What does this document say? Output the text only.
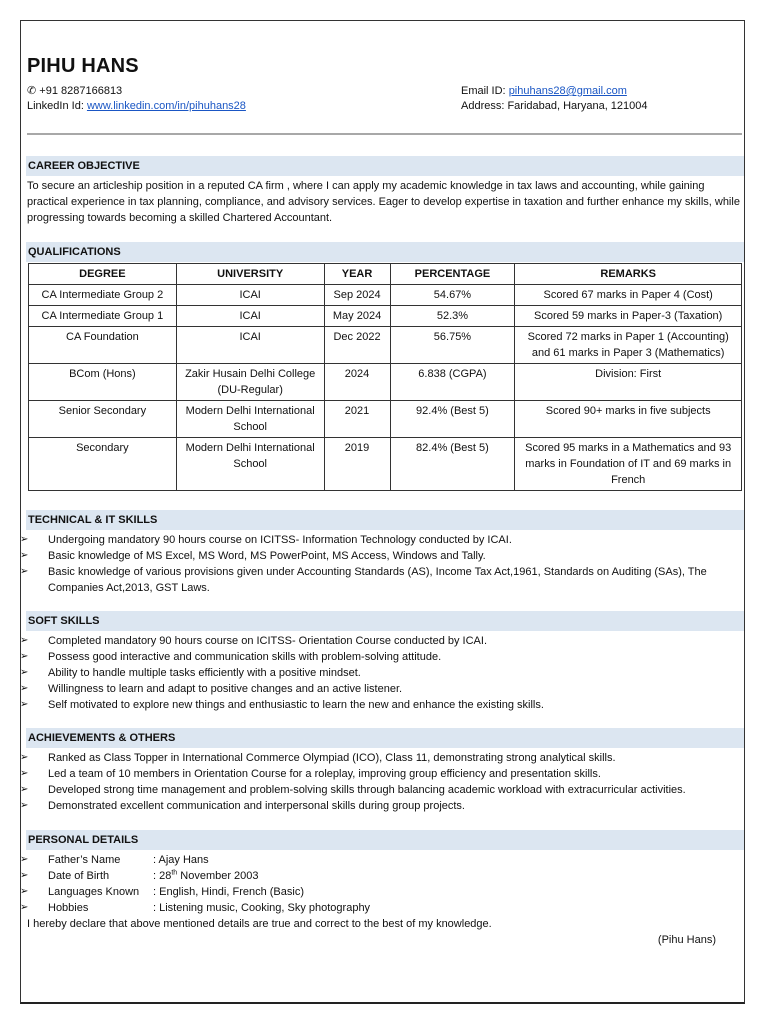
PIHU HANS
✆ +91 8287166813
LinkedIn Id: www.linkedin.com/in/pihuhans28
Email ID: pihuhans28@gmail.com
Address: Faridabad, Haryana, 121004
CAREER OBJECTIVE
To secure an articleship position in a reputed CA firm , where I can apply my academic knowledge in tax laws and accounting, while gaining practical experience in tax planning, compliance, and advisory services. Eager to develop expertise in taxation and further enhance my skills, while progressing towards becoming a skilled Chartered Accountant.
QUALIFICATIONS
DEGREE	UNIVERSITY	YEAR	PERCENTAGE	REMARKS
CA Intermediate Group 2	ICAI	Sep 2024	54.67%	Scored 67 marks in Paper 4 (Cost)
CA Intermediate Group 1	ICAI	May 2024	52.3%	Scored 59 marks in Paper-3 (Taxation)
CA Foundation	ICAI	Dec 2022	56.75%	Scored 72 marks in Paper 1 (Accounting) and 61 marks in Paper 3 (Mathematics)
BCom (Hons)	Zakir Husain Delhi College (DU-Regular)	2024	6.838 (CGPA)	Division: First
Senior Secondary	Modern Delhi International School	2021	92.4% (Best 5)	Scored 90+ marks in five subjects
Secondary	Modern Delhi International School	2019	82.4% (Best 5)	Scored 95 marks in a Mathematics and 93 marks in Foundation of IT and 69 marks in French
TECHNICAL & IT SKILLS
➢ Undergoing mandatory 90 hours course on ICITSS- Information Technology conducted by ICAI.
➢ Basic knowledge of MS Excel, MS Word, MS PowerPoint, MS Access, Windows and Tally.
➢ Basic knowledge of various provisions given under Accounting Standards (AS), Income Tax Act,1961, Standards on Auditing (SAs), The Companies Act,2013, GST Laws.
SOFT SKILLS
➢ Completed mandatory 90 hours course on ICITSS- Orientation Course conducted by ICAI.
➢ Possess good interactive and communication skills with problem-solving attitude.
➢ Ability to handle multiple tasks efficiently with a positive mindset.
➢ Willingness to learn and adapt to positive changes and an active listener.
➢ Self motivated to explore new things and enthusiastic to learn the new and enhance the existing skills.
ACHIEVEMENTS & OTHERS
➢ Ranked as Class Topper in International Commerce Olympiad (ICO), Class 11, demonstrating strong analytical skills.
➢ Led a team of 10 members in Orientation Course for a roleplay, improving group efficiency and presentation skills.
➢ Developed strong time management and problem-solving skills through balancing academic workload with extracurricular activities.
➢ Demonstrated excellent communication and interpersonal skills during group projects.
PERSONAL DETAILS
➢ Father’s Name	: Ajay Hans
➢ Date of Birth	: 28th November 2003
➢ Languages Known : English, Hindi, French (Basic)
➢ Hobbies	: Listening music, Cooking, Sky photography
I hereby declare that above mentioned details are true and correct to the best of my knowledge.
(Pihu Hans)
